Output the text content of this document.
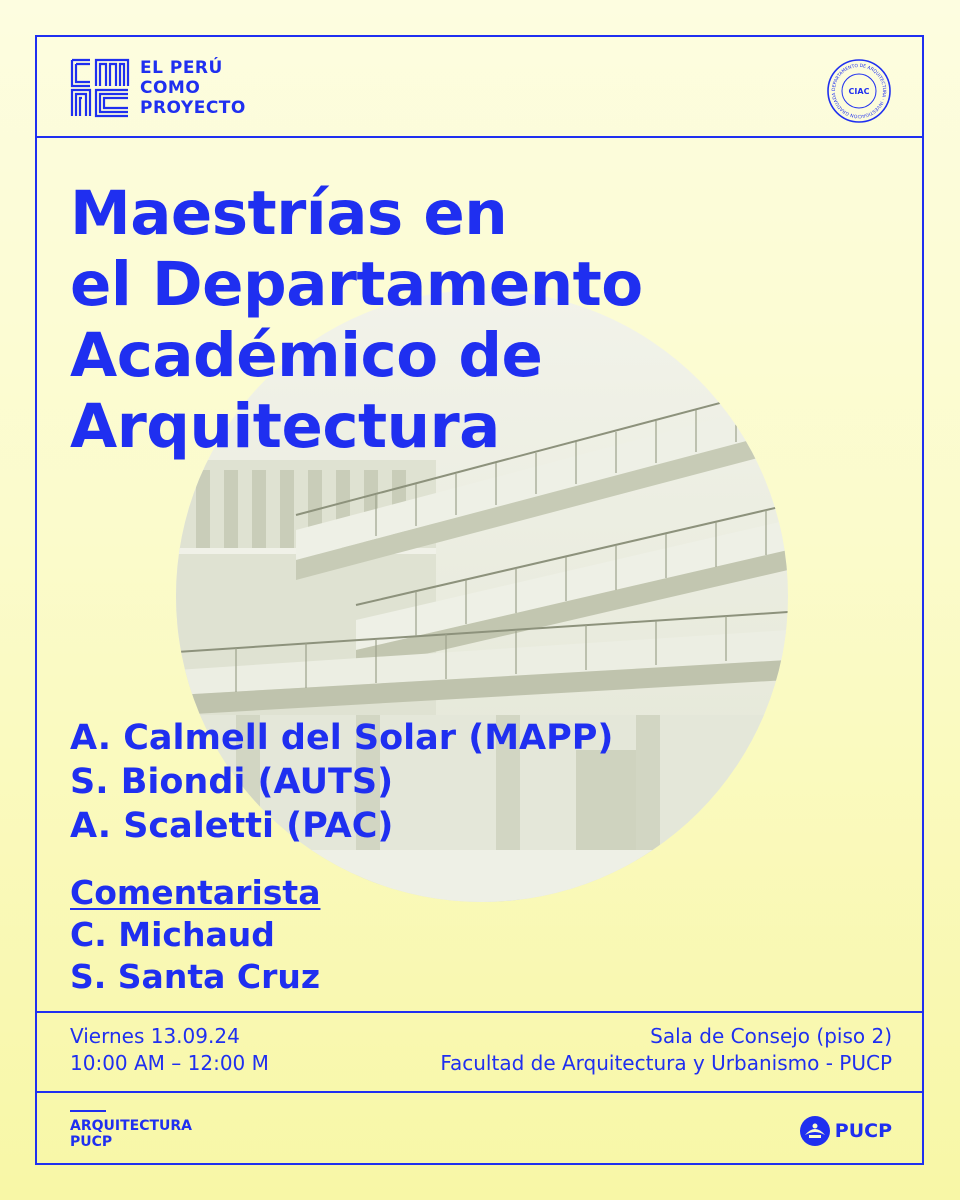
EL PERÚ
COMO
PROYECTO
DEPARTAMENTO DE ARQUITECTURA · INVESTIGACIÓN GRADUADA	CIAC
Maestrías en
el Departamento
Académico de
Arquitectura
A. Calmell del Solar (MAPP)
S. Biondi (AUTS)
A. Scaletti (PAC)
Comentarista
C. Michaud
S. Santa Cruz
Viernes 13.09.24
10:00 AM – 12:00 M
Sala de Consejo (piso 2)
Facultad de Arquitectura y Urbanismo - PUCP
ARQUITECTURA
PUCP	PUCP
